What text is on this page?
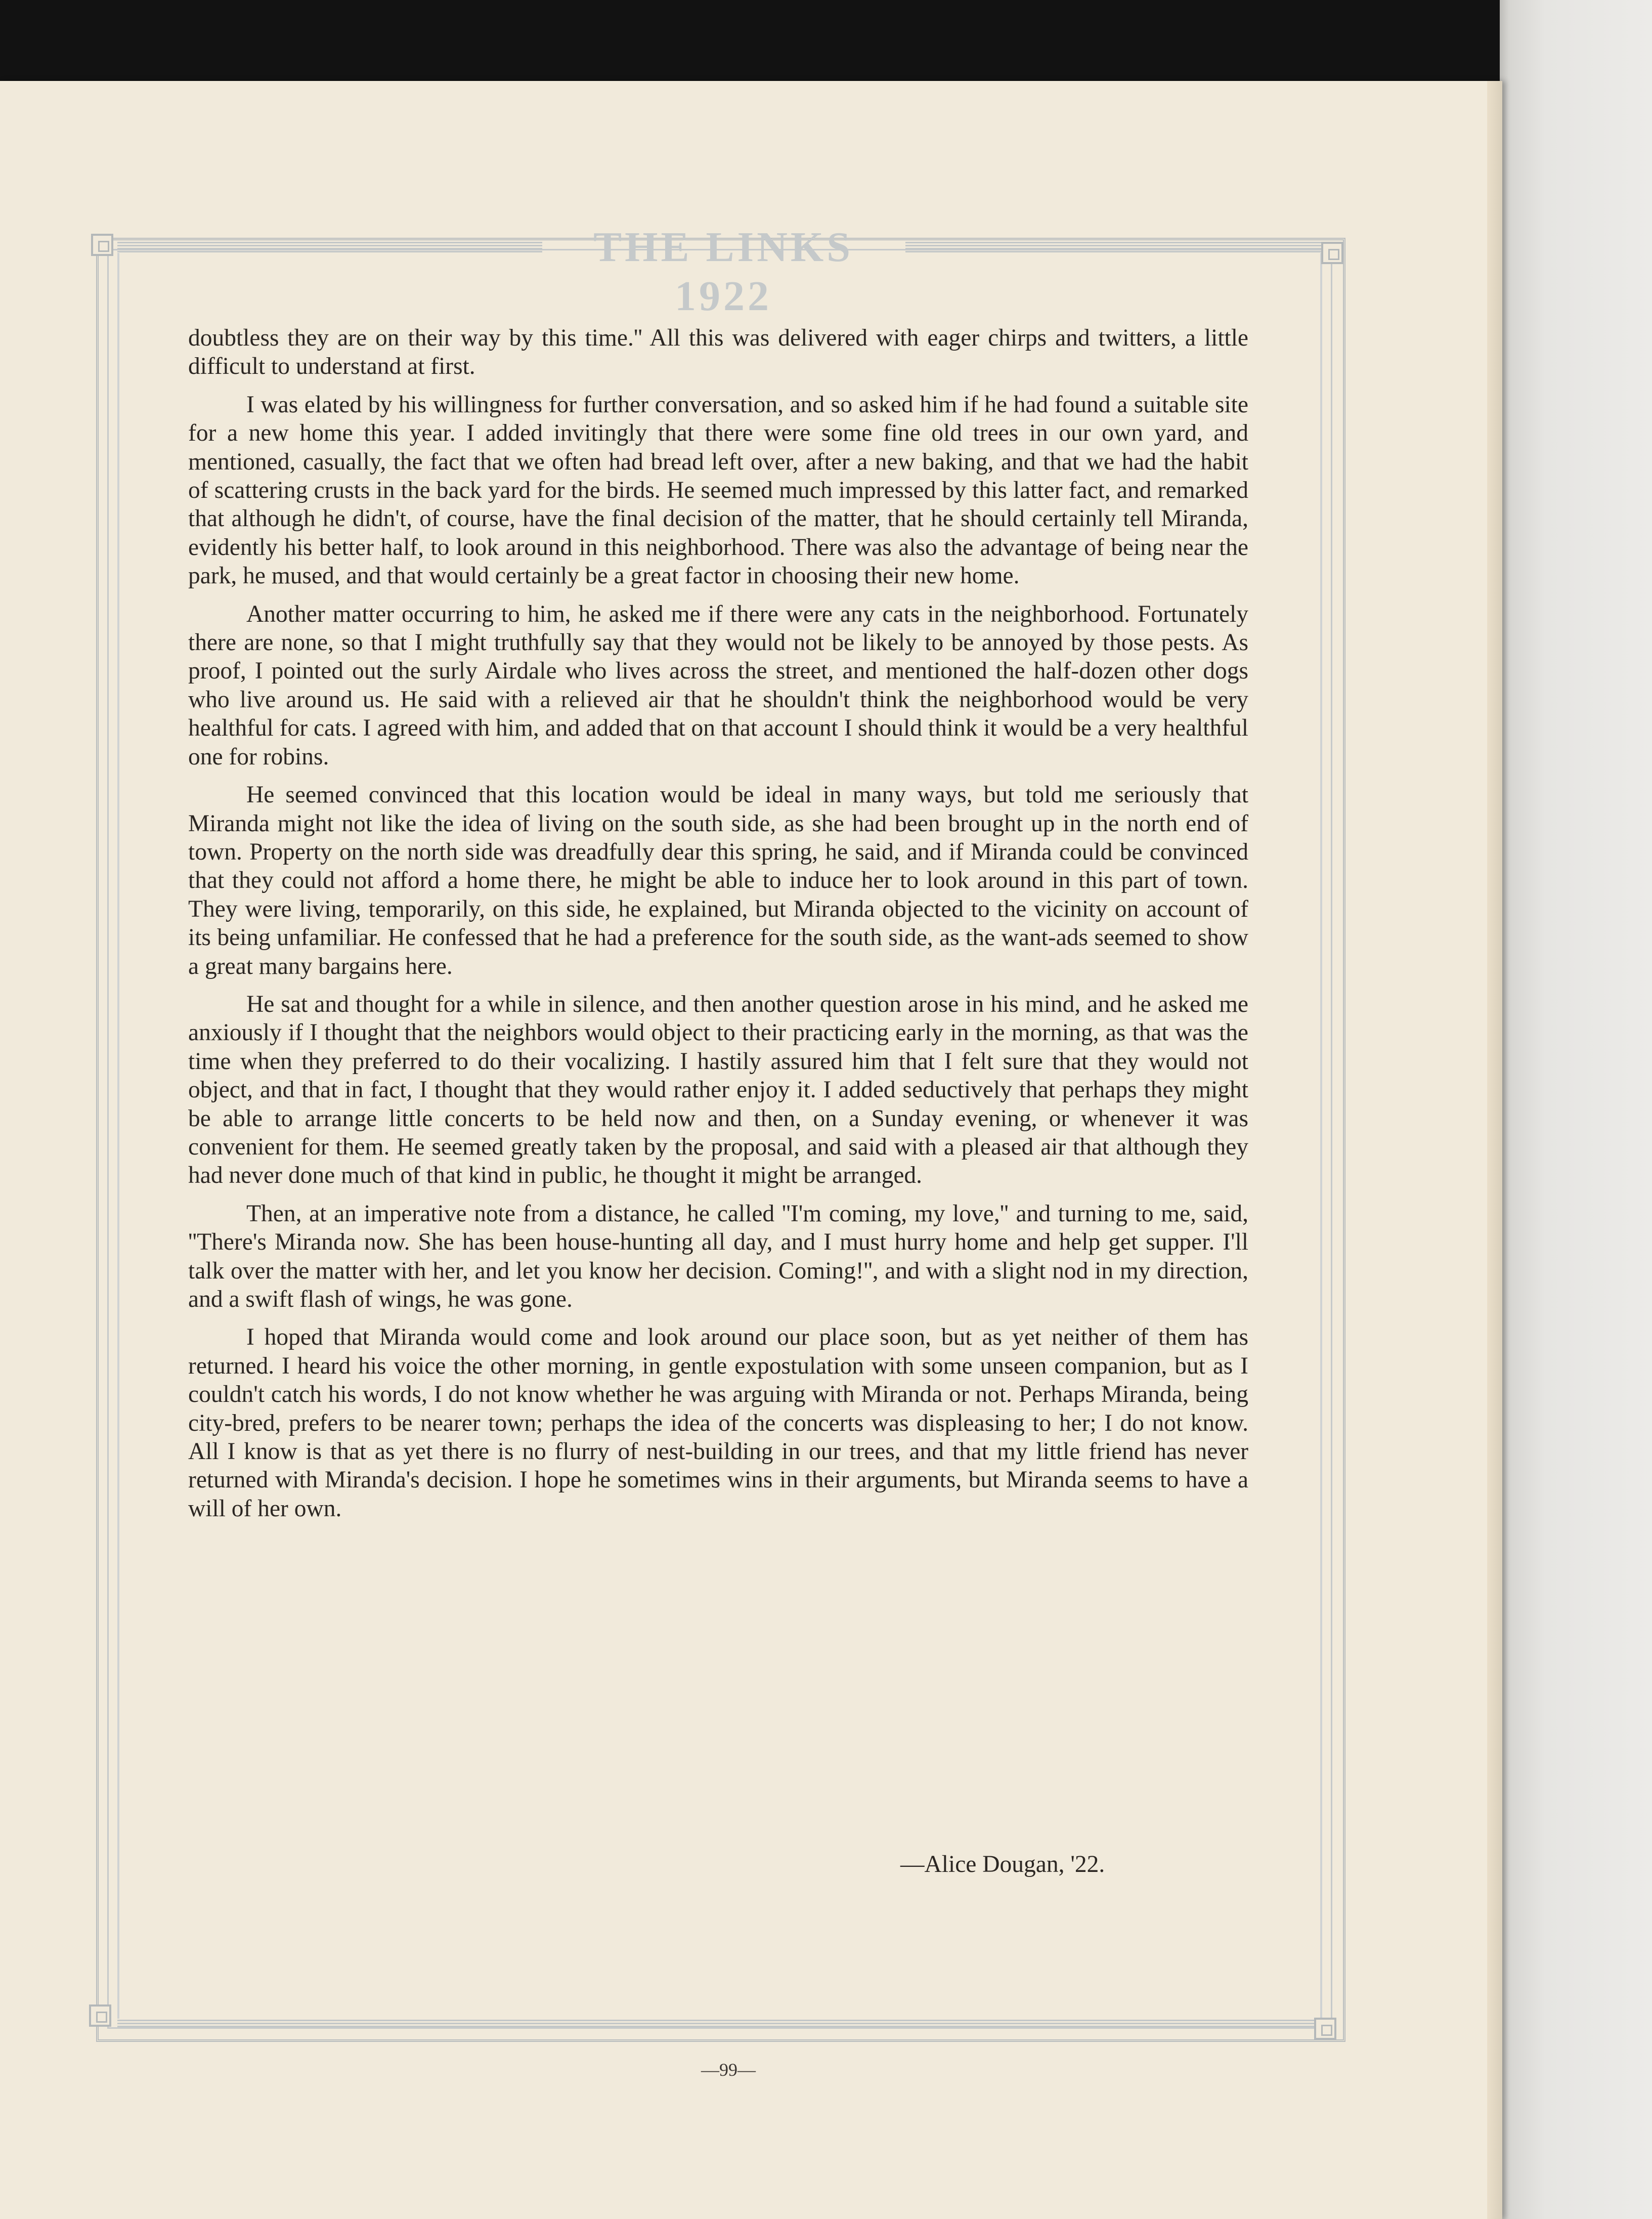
THE LINKS 1922

doubtless they are on their way by this time.'' All this was delivered with eager chirps and twitters, a little difficult to understand at first.

I was elated by his willingness for further conversation, and so asked him if he had found a suitable site for a new home this year. I added invitingly that there were some fine old trees in our own yard, and mentioned, casually, the fact that we often had bread left over, after a new baking, and that we had the habit of scattering crusts in the back yard for the birds. He seemed much impressed by this latter fact, and remarked that although he didn't, of course, have the final decision of the matter, that he should certainly tell Miranda, evidently his better half, to look around in this neighborhood. There was also the advantage of being near the park, he mused, and that would certainly be a great factor in choosing their new home.

Another matter occurring to him, he asked me if there were any cats in the neighborhood. Fortunately there are none, so that I might truthfully say that they would not be likely to be annoyed by those pests. As proof, I pointed out the surly Airdale who lives across the street, and mentioned the half-dozen other dogs who live around us. He said with a relieved air that he shouldn't think the neighborhood would be very healthful for cats. I agreed with him, and added that on that account I should think it would be a very healthful one for robins.

He seemed convinced that this location would be ideal in many ways, but told me seriously that Miranda might not like the idea of living on the south side, as she had been brought up in the north end of town. Property on the north side was dreadfully dear this spring, he said, and if Miranda could be convinced that they could not afford a home there, he might be able to induce her to look around in this part of town. They were living, temporarily, on this side, he explained, but Miranda objected to the vicinity on account of its being unfamiliar. He confessed that he had a preference for the south side, as the want-ads seemed to show a great many bargains here.

He sat and thought for a while in silence, and then another question arose in his mind, and he asked me anxiously if I thought that the neighbors would object to their practicing early in the morning, as that was the time when they preferred to do their vocalizing. I hastily assured him that I felt sure that they would not object, and that in fact, I thought that they would rather enjoy it. I added seductively that perhaps they might be able to arrange little concerts to be held now and then, on a Sunday evening, or whenever it was convenient for them. He seemed greatly taken by the proposal, and said with a pleased air that although they had never done much of that kind in public, he thought it might be arranged.

Then, at an imperative note from a distance, he called ''I'm coming, my love,'' and turning to me, said, ''There's Miranda now. She has been house-hunting all day, and I must hurry home and help get supper. I'll talk over the matter with her, and let you know her decision. Coming!'', and with a slight nod in my direction, and a swift flash of wings, he was gone.

I hoped that Miranda would come and look around our place soon, but as yet neither of them has returned. I heard his voice the other morning, in gentle expostulation with some unseen companion, but as I couldn't catch his words, I do not know whether he was arguing with Miranda or not. Perhaps Miranda, being city-bred, prefers to be nearer town; perhaps the idea of the concerts was displeasing to her; I do not know. All I know is that as yet there is no flurry of nest-building in our trees, and that my little friend has never returned with Miranda's decision. I hope he sometimes wins in their arguments, but Miranda seems to have a will of her own.

—Alice Dougan, '22.
—99—
